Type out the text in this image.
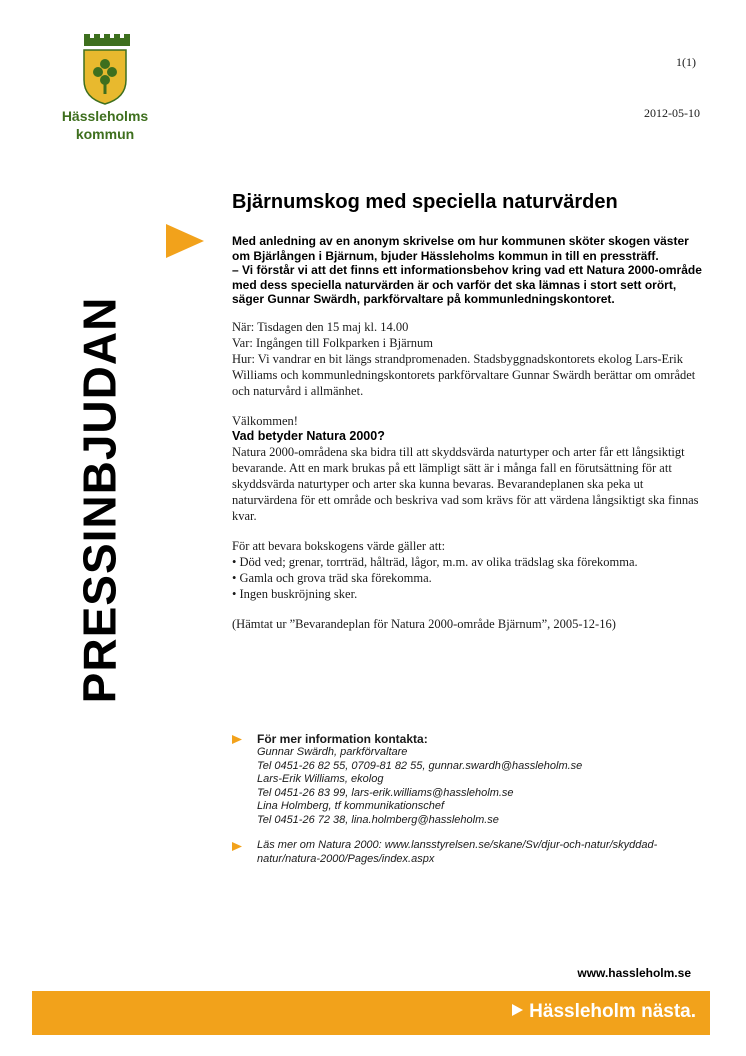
Hässleholms
kommun
1(1)
2012-05-10
PRESSINBJUDAN
Bjärnumskog med speciella naturvärden

Med anledning av en anonym skrivelse om hur kommunen sköter skogen väster om Bjärlången i Bjärnum, bjuder Hässleholms kommun in till en pressträff.

– Vi förstår vi att det finns ett informationsbehov kring vad ett Natura 2000-område med dess speciella naturvärden är och varför det ska lämnas i stort sett orört, säger Gunnar Swärdh, parkförvaltare på kommunledningskontoret.

När: Tisdagen den 15 maj kl. 14.00

Var: Ingången till Folkparken i Bjärnum

Hur: Vi vandrar en bit längs strandpromenaden. Stadsbyggnadskontorets ekolog Lars-Erik Williams och kommunledningskontorets parkförvaltare Gunnar Swärdh berättar om området och naturvård i allmänhet.

Välkommen!

Vad betyder Natura 2000?

Natura 2000-områdena ska bidra till att skyddsvärda naturtyper och arter får ett långsiktigt bevarande. Att en mark brukas på ett lämpligt sätt är i många fall en förutsättning för att skyddsvärda naturtyper och arter ska kunna bevaras. Bevarandeplanen ska peka ut naturvärdena för ett område och beskriva vad som krävs för att värdena långsiktigt ska finnas kvar.

För att bevara bokskogens värde gäller att:

• Död ved; grenar, torrträd, hålträd, lågor, m.m. av olika trädslag ska förekomma.

• Gamla och grova träd ska förekomma.

• Ingen buskröjning sker.

(Hämtat ur ”Bevarandeplan för Natura 2000-område Bjärnum”, 2005-12-16)

För mer information kontakta:

Gunnar Swärdh, parkförvaltare

Tel 0451-26 82 55, 0709-81 82 55, gunnar.swardh@hassleholm.se

Lars-Erik Williams, ekolog

Tel 0451-26 83 99, lars-erik.williams@hassleholm.se

Lina Holmberg, tf kommunikationschef

Tel 0451-26 72 38, lina.holmberg@hassleholm.se

Läs mer om Natura 2000: www.lansstyrelsen.se/skane/Sv/djur-och-natur/skyddad-natur/natura-2000/Pages/index.aspx

www.hassleholm.se
Hässleholm nästa.
